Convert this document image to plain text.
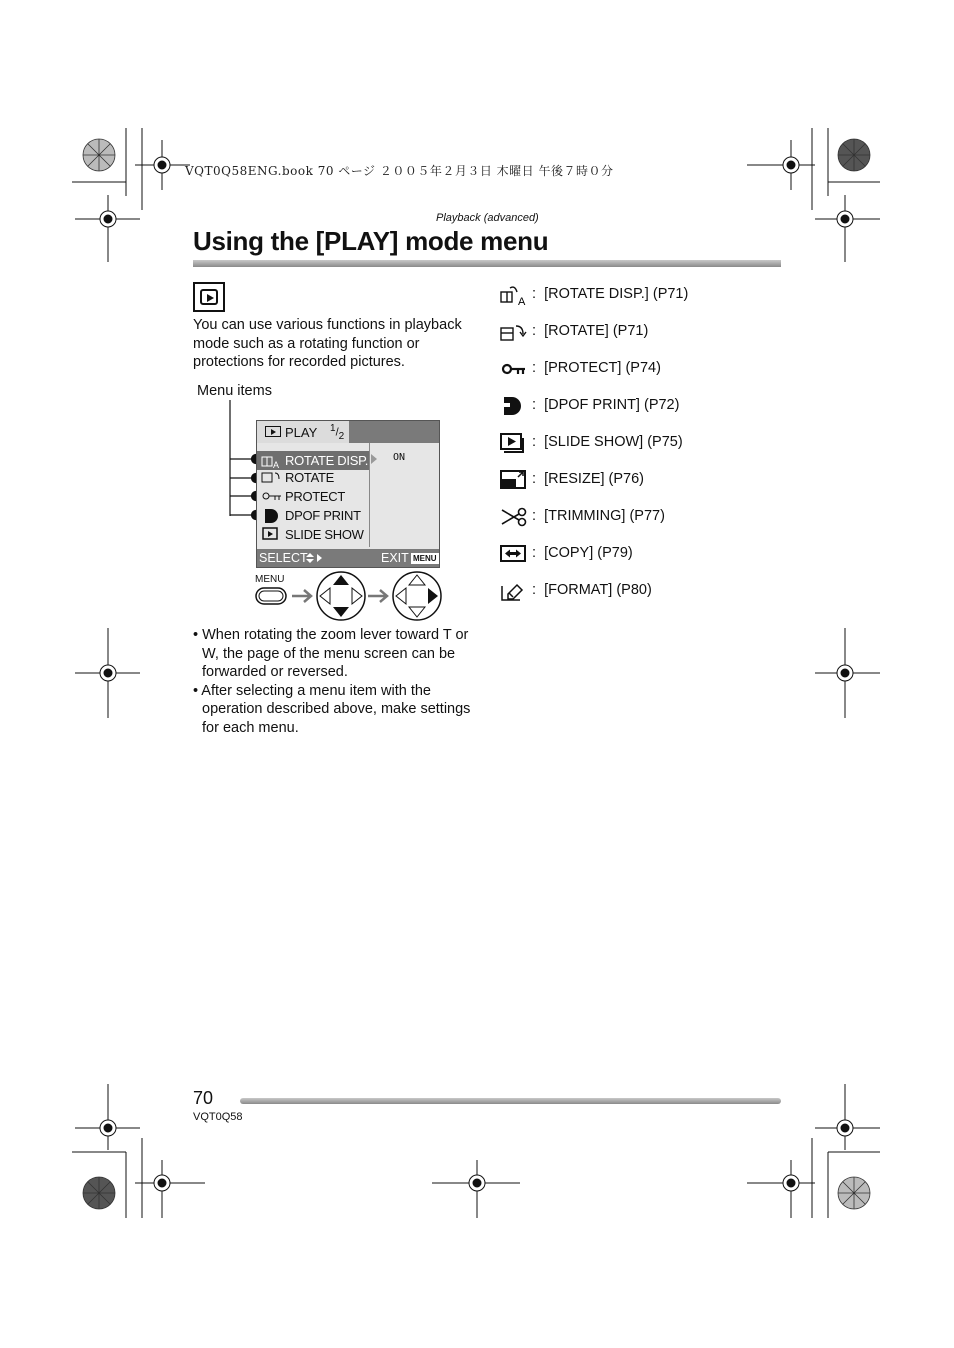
VQT0Q58ENG.book 70 ページ ２００５年２月３日 木曜日 午後７時０分
Playback (advanced)
Using the [PLAY] mode menu
You can use various functions in playback mode such as a rotating function or protections for recorded pictures.
Menu items
PLAY $^1/_2$
A ROTATE DISP. ON
ROTATE
PROTECT
DPOF PRINT
SLIDE SHOW
SELECT	EXIT MENU
MENU
• When rotating the zoom lever toward T or W, the page of the menu screen can be forwarded or reversed.
• After selecting a menu item with the operation described above, make settings for each menu.
A : [ROTATE DISP.] (P71)
: [ROTATE] (P71)
: [PROTECT] (P74)
: [DPOF PRINT] (P72)
: [SLIDE SHOW] (P75)
: [RESIZE] (P76)
: [TRIMMING] (P77)
: [COPY] (P79)
: [FORMAT] (P80)
70
VQT0Q58
